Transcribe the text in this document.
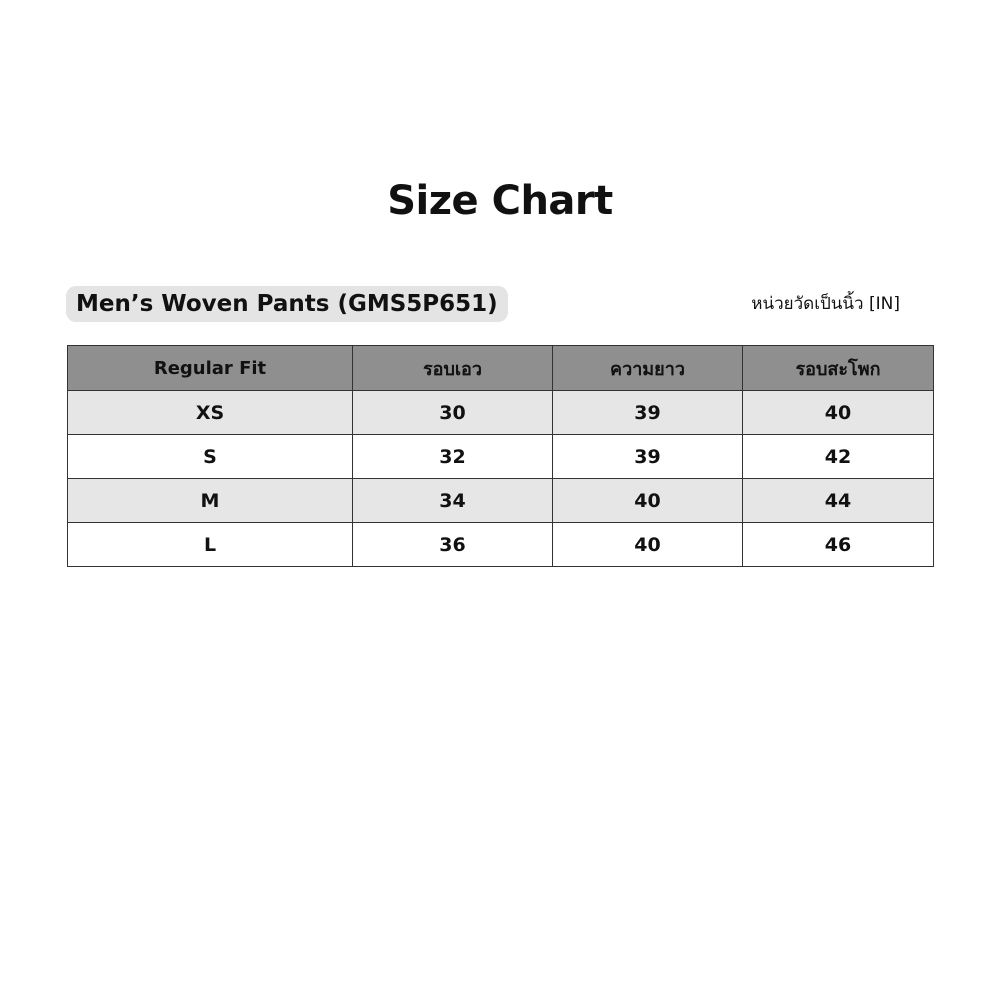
Size Chart
Men’s Woven Pants (GMS5P651)	หน่วยวัดเป็นนิ้ว [IN]
Regular Fit	รอบเอว	ความยาว	รอบสะโพก
XS	30	39	40
S	32	39	42
M	34	40	44
L	36	40	46
